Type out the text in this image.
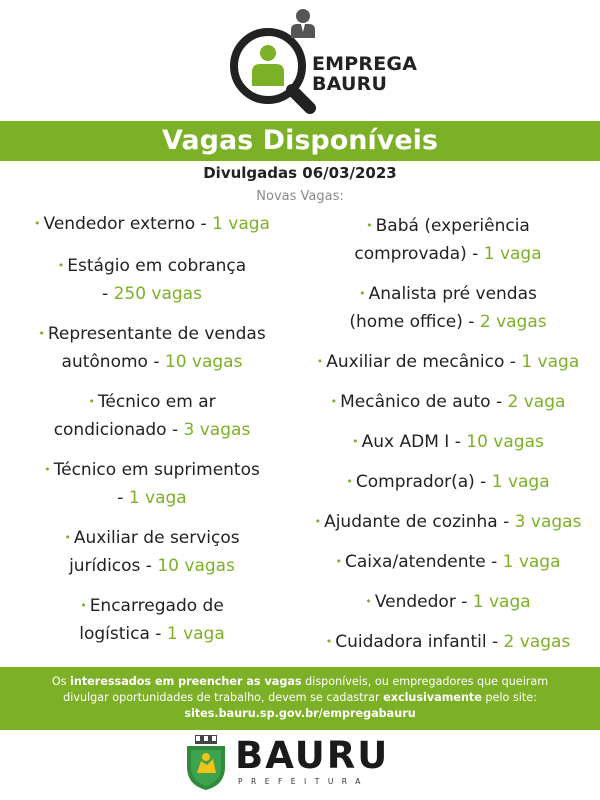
EMPREGA
BAURU
Vagas Disponíveis
Divulgadas 06/03/2023
Novas Vagas:
• Vendedor externo - 1 vaga
• Estágio em cobrança
- 250 vagas
• Representante de vendas
autônomo - 10 vagas
• Técnico em ar
condicionado - 3 vagas
• Técnico em suprimentos
- 1 vaga
• Auxiliar de serviços
jurídicos - 10 vagas
• Encarregado de
logística - 1 vaga
• Babá (experiência
comprovada) - 1 vaga
• Analista pré vendas
(home office) - 2 vagas
• Auxiliar de mecânico - 1 vaga
• Mecânico de auto - 2 vaga
• Aux ADM I - 10 vagas
• Comprador(a) - 1 vaga
• Ajudante de cozinha - 3 vagas
• Caixa/atendente - 1 vaga
• Vendedor - 1 vaga
• Cuidadora infantil - 2 vagas
Os interessados em preencher as vagas disponíveis, ou empregadores que queiram
divulgar oportunidades de trabalho, devem se cadastrar exclusivamente pelo site:
sites.bauru.sp.gov.br/empregabauru
BAURU
PREFEITURA
